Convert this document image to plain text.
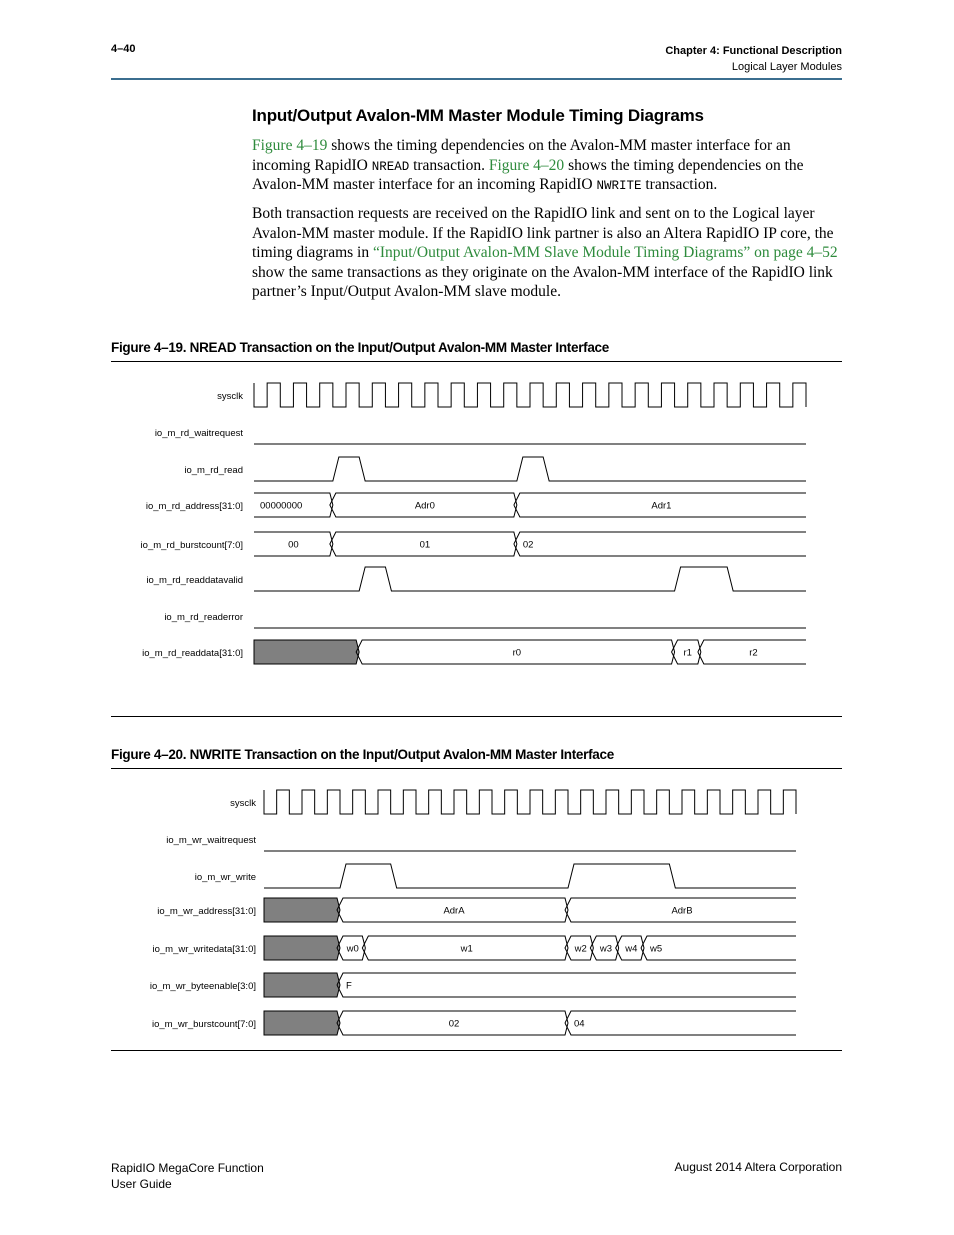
4–40	Chapter 4: Functional Description
Logical Layer Modules
Input/Output Avalon-MM Master Module Timing Diagrams

Figure 4–19 shows the timing dependencies on the Avalon-MM master interface for an incoming RapidIO NREAD transaction. Figure 4–20 shows the timing dependencies on the Avalon-MM master interface for an incoming RapidIO NWRITE transaction.

Both transaction requests are received on the RapidIO link and sent on to the Logical layer Avalon-MM master module. If the RapidIO link partner is also an Altera RapidIO IP core, the timing diagrams in “Input/Output Avalon-MM Slave Module Timing Diagrams” on page 4–52 show the same transactions as they originate on the Avalon-MM interface of the RapidIO link partner’s Input/Output Avalon-MM slave module.

Figure 4–19. NREAD Transaction on the Input/Output Avalon-MM Master Interface

sysclk
io_m_rd_waitrequest
io_m_rd_read
io_m_rd_address[31:0] 00000000	Adr0	Adr1
io_m_rd_burstcount[7:0]	00	01	02
io_m_rd_readdatavalid
io_m_rd_readerror
io_m_rd_readdata[31:0]	r0	r1	r2

Figure 4–20. NWRITE Transaction on the Input/Output Avalon-MM Master Interface

sysclk
io_m_wr_waitrequest
io_m_wr_write
io_m_wr_address[31:0]	AdrA	AdrB
io_m_wr_writedata[31:0]	w0	w1	w2 w3 w4 w5
io_m_wr_byteenable[3:0]	F
io_m_wr_burstcount[7:0]	02	04
RapidIO MegaCore Function
User Guide
August 2014 Altera Corporation
